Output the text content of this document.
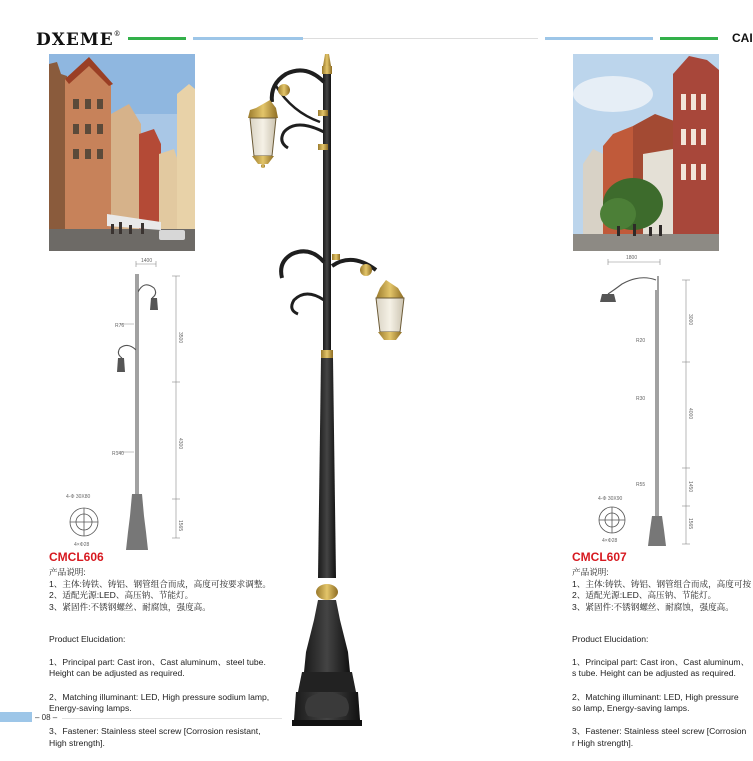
DXEME®	CAI
1400
3500
4300
1565
R76
R140
4-Φ 30X80
4×Φ28
1800
3000
4000
1450
1565
R20
R30
R55
4-Φ 30X90
4×Φ28
CMCL606
产品说明:
1、主体:铸铁、铸铝、钢管组合而成，高度可按要求调整。
2、适配光源:LED、高压钠、节能灯。
3、紧固件:不锈钢螺丝、耐腐蚀，强度高。

Product Elucidation:

1、Principal part: Cast iron、Cast aluminum、steel tube. Height can be adjusted as required.

2、Matching illuminant: LED, High pressure sodium lamp, Energy-saving lamps.

3、Fastener: Stainless steel screw [Corrosion resistant, High strength].

CMCL607
产品说明:
1、主体:铸铁、铸铝、钢管组合而成，高度可按
2、适配光源:LED、高压钠、节能灯。
3、紧固件:不锈钢螺丝、耐腐蚀，强度高。

Product Elucidation:

1、Principal part: Cast iron、Cast aluminum、s tube. Height can be adjusted as required.

2、Matching illuminant: LED, High pressure so lamp, Energy-saving lamps.

3、Fastener: Stainless steel screw [Corrosion r High strength].

– 08 –
